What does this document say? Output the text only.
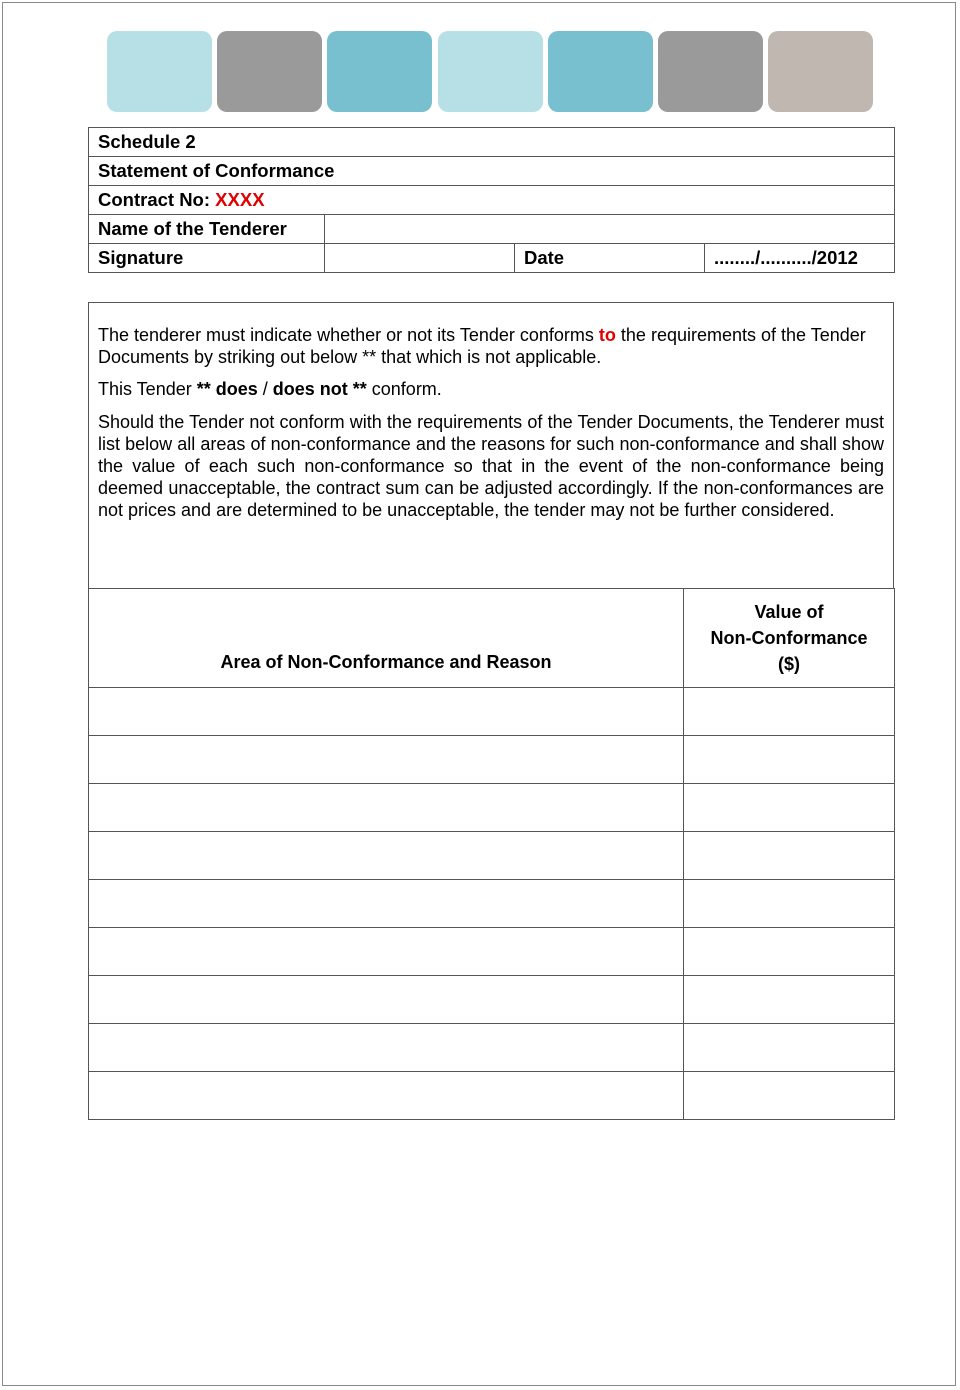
Schedule 2			
Statement of Conformance			
Contract No: XXXX			
Name of the Tenderer			
Signature		Date	......../........../2012

The tenderer must indicate whether or not its Tender conforms to the requirements of the Tender Documents by striking out below ** that which is not applicable.

This Tender ** does / does not ** conform.

Should the Tender not conform with the requirements of the Tender Documents, the Tenderer must list below all areas of non-conformance and the reasons for such non-conformance and shall show the value of each such non-conformance so that in the event of the non-conformance being deemed unacceptable, the contract sum can be adjusted accordingly. If the non-conformances are not prices and are determined to be unacceptable, the tender may not be further considered.

Area of Non-Conformance and Reason	Value of
Non-Conformance
($)
